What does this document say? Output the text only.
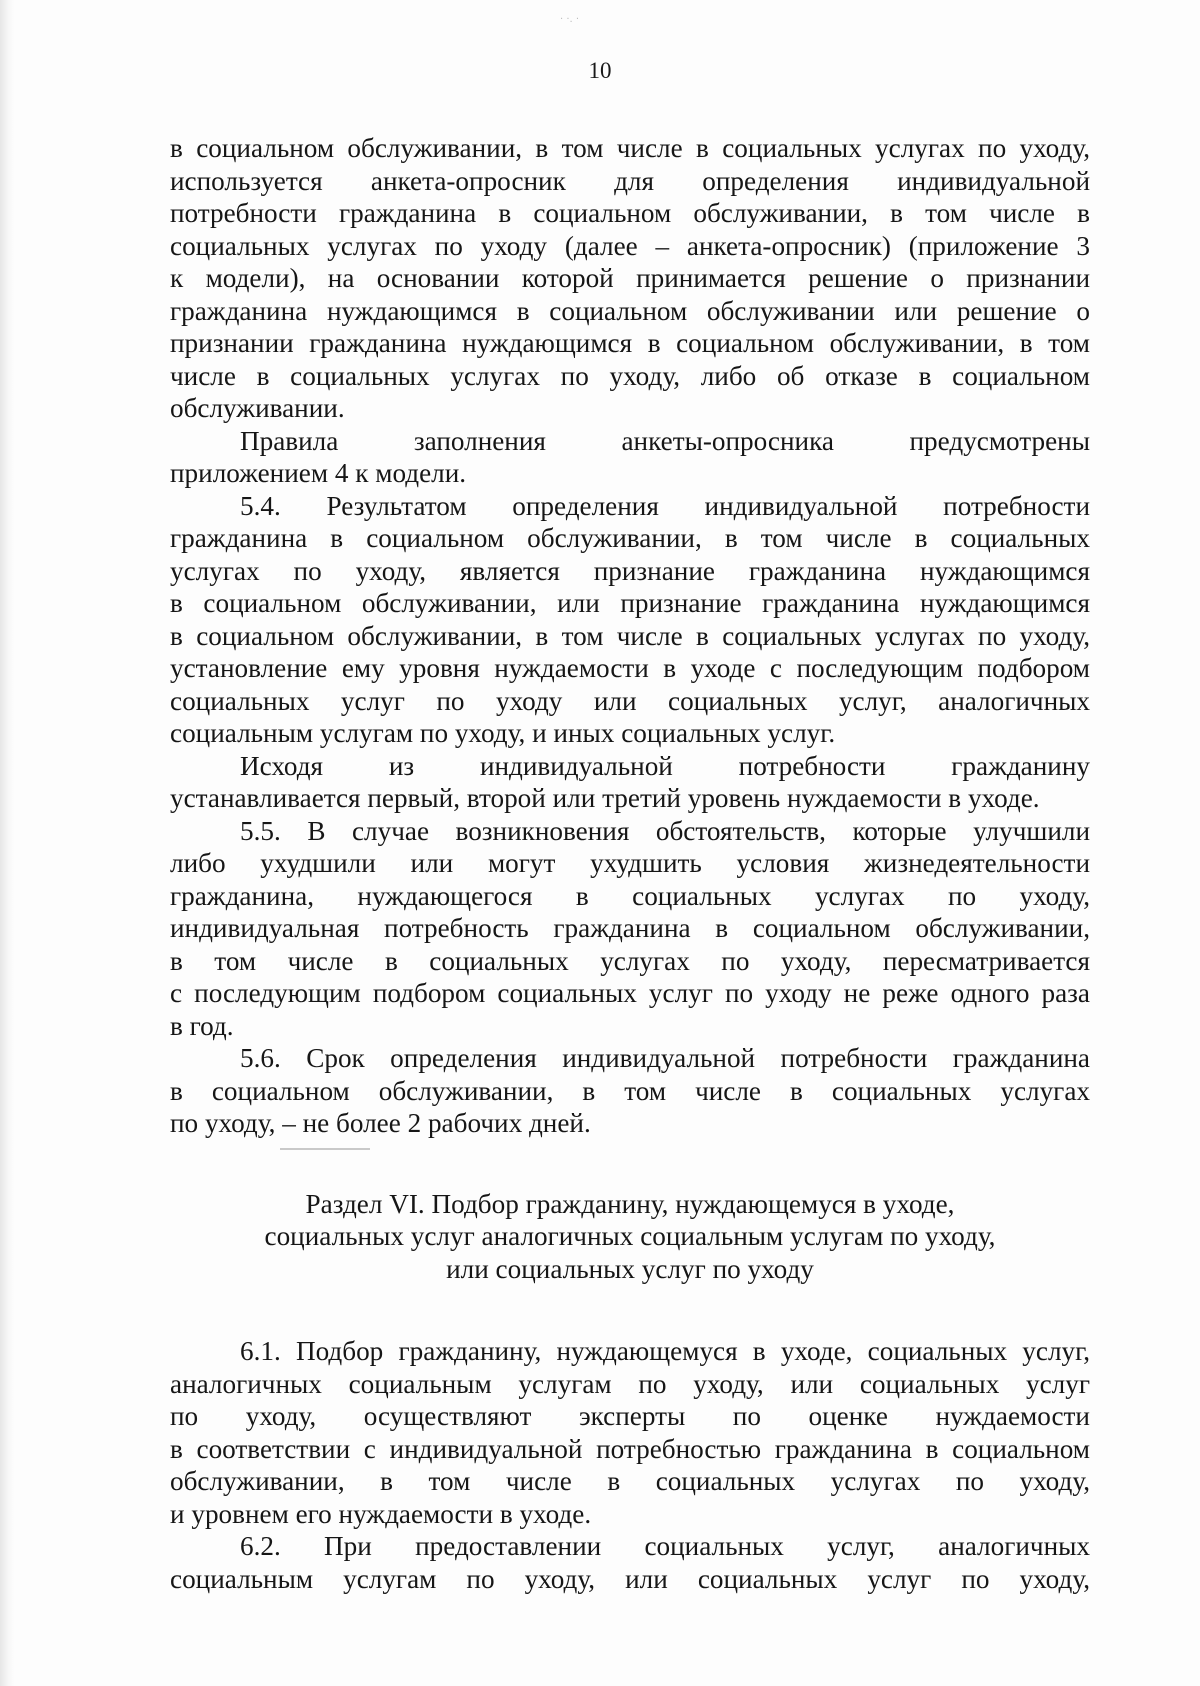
· ·. ·
10
в социальном обслуживании, в том числе в социальных услугах по уходу,
используется анкета-опросник для определения индивидуальной
потребности гражданина в социальном обслуживании, в том числе в
социальных услугах по уходу (далее – анкета-опросник) (приложение 3
к модели), на основании которой принимается решение о признании
гражданина нуждающимся в социальном обслуживании или решение о
признании гражданина нуждающимся в социальном обслуживании, в том
числе в социальных услугах по уходу, либо об отказе в социальном
обслуживании.
Правила заполнения анкеты-опросника предусмотрены
приложением 4 к модели.
5.4. Результатом определения индивидуальной потребности
гражданина в социальном обслуживании, в том числе в социальных
услугах по уходу, является признание гражданина нуждающимся
в социальном обслуживании, или признание гражданина нуждающимся
в социальном обслуживании, в том числе в социальных услугах по уходу,
установление ему уровня нуждаемости в уходе с последующим подбором
социальных услуг по уходу или социальных услуг, аналогичных
социальным услугам по уходу, и иных социальных услуг.
Исходя из индивидуальной потребности гражданину
устанавливается первый, второй или третий уровень нуждаемости в уходе.
5.5. В случае возникновения обстоятельств, которые улучшили
либо ухудшили или могут ухудшить условия жизнедеятельности
гражданина, нуждающегося в социальных услугах по уходу,
индивидуальная потребность гражданина в социальном обслуживании,
в том числе в социальных услугах по уходу, пересматривается
с последующим подбором социальных услуг по уходу не реже одного раза
в год.
5.6. Срок определения индивидуальной потребности гражданина
в социальном обслуживании, в том числе в социальных услугах
по уходу, – не более 2 рабочих дней.
Раздел VI. Подбор гражданину, нуждающемуся в уходе,
социальных услуг аналогичных социальным услугам по уходу,
или социальных услуг по уходу
6.1. Подбор гражданину, нуждающемуся в уходе, социальных услуг,
аналогичных социальным услугам по уходу, или социальных услуг
по уходу, осуществляют эксперты по оценке нуждаемости
в соответствии с индивидуальной потребностью гражданина в социальном
обслуживании, в том числе в социальных услугах по уходу,
и уровнем его нуждаемости в уходе.
6.2. При предоставлении социальных услуг, аналогичных
социальным услугам по уходу, или социальных услуг по уходу,
